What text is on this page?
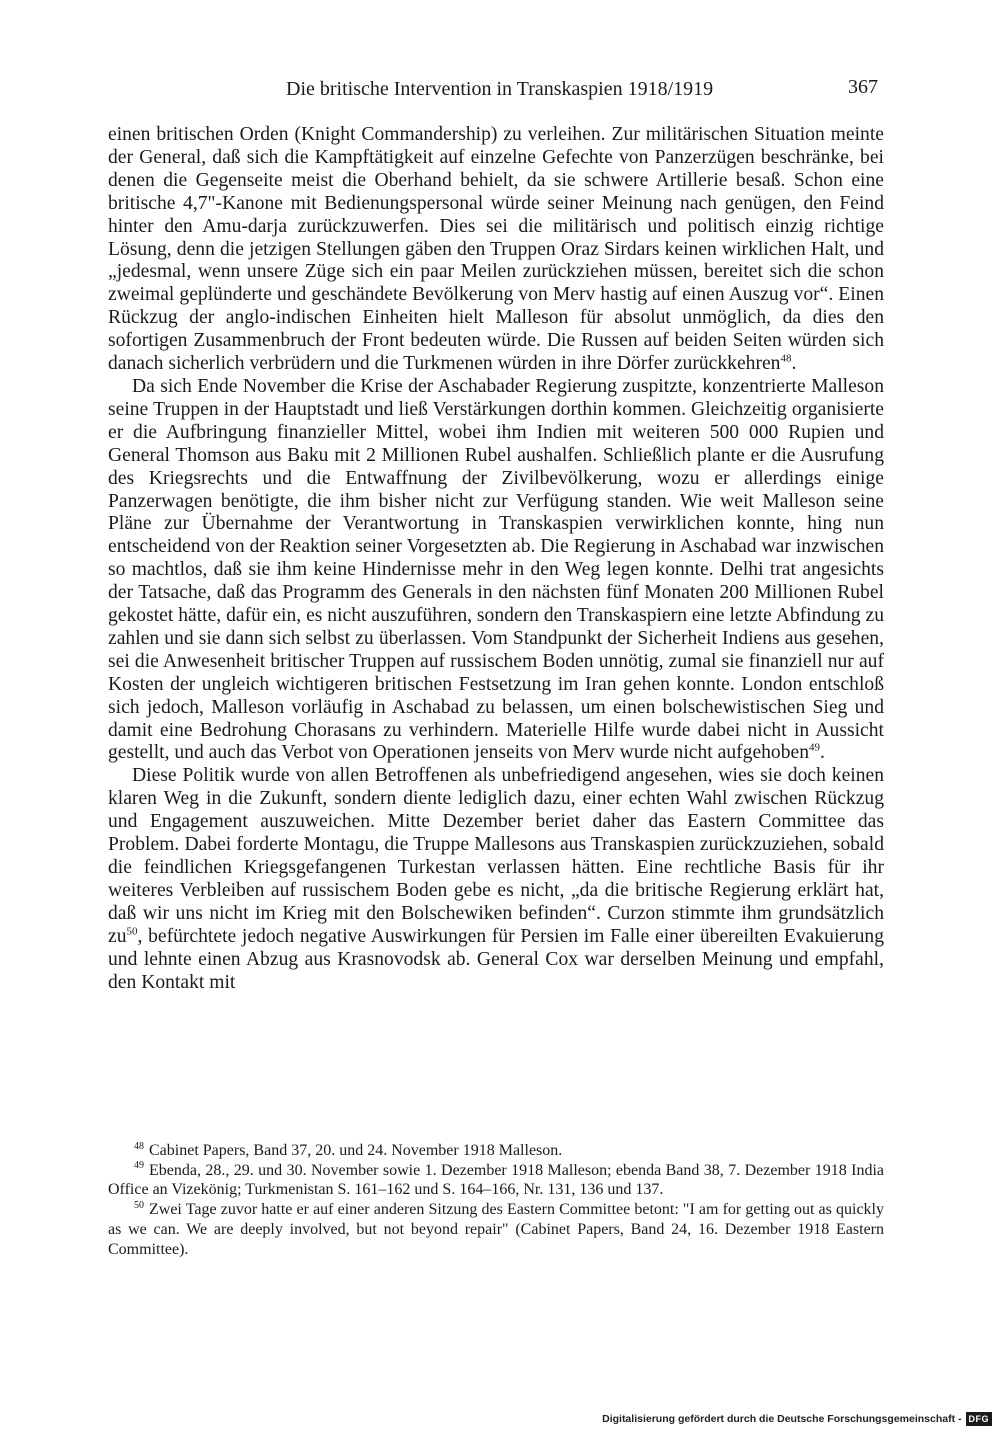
Die britische Intervention in Transkaspien 1918/1919	367

einen britischen Orden (Knight Commandership) zu verleihen. Zur militärischen Situation meinte der General, daß sich die Kampftätigkeit auf einzelne Gefechte von Panzerzügen beschränke, bei denen die Gegenseite meist die Oberhand behielt, da sie schwere Artillerie besaß. Schon eine britische 4,7"-Kanone mit Bedienungspersonal würde seiner Meinung nach genügen, den Feind hinter den Amu-darja zurückzuwerfen. Dies sei die militärisch und politisch einzig richtige Lösung, denn die jetzigen Stellungen gäben den Truppen Oraz Sirdars keinen wirklichen Halt, und „jedesmal, wenn unsere Züge sich ein paar Meilen zurückziehen müssen, bereitet sich die schon zweimal geplünderte und geschändete Bevölkerung von Merv hastig auf einen Auszug vor“. Einen Rückzug der anglo-indischen Einheiten hielt Malleson für absolut unmöglich, da dies den sofortigen Zusammenbruch der Front bedeuten würde. Die Russen auf beiden Seiten würden sich danach sicherlich verbrüdern und die Turkmenen würden in ihre Dörfer zurückkehren$^{48}$.

Da sich Ende November die Krise der Aschabader Regierung zuspitzte, konzentrierte Malleson seine Truppen in der Hauptstadt und ließ Verstärkungen dorthin kommen. Gleichzeitig organisierte er die Aufbringung finanzieller Mittel, wobei ihm Indien mit weiteren 500 000 Rupien und General Thomson aus Baku mit 2 Millionen Rubel aushalfen. Schließlich plante er die Ausrufung des Kriegsrechts und die Entwaffnung der Zivilbevölkerung, wozu er allerdings einige Panzerwagen benötigte, die ihm bisher nicht zur Verfügung standen. Wie weit Malleson seine Pläne zur Übernahme der Verantwortung in Transkaspien verwirklichen konnte, hing nun entscheidend von der Reaktion seiner Vorgesetzten ab. Die Regierung in Aschabad war inzwischen so machtlos, daß sie ihm keine Hindernisse mehr in den Weg legen konnte. Delhi trat angesichts der Tatsache, daß das Programm des Generals in den nächsten fünf Monaten 200 Millionen Rubel gekostet hätte, dafür ein, es nicht auszuführen, sondern den Transkaspiern eine letzte Abfindung zu zahlen und sie dann sich selbst zu überlassen. Vom Standpunkt der Sicherheit Indiens aus gesehen, sei die Anwesenheit britischer Truppen auf russischem Boden unnötig, zumal sie finanziell nur auf Kosten der ungleich wichtigeren britischen Festsetzung im Iran gehen konnte. London entschloß sich jedoch, Malleson vorläufig in Aschabad zu belassen, um einen bolschewistischen Sieg und damit eine Bedrohung Chorasans zu verhindern. Materielle Hilfe wurde dabei nicht in Aussicht gestellt, und auch das Verbot von Operationen jenseits von Merv wurde nicht aufgehoben$^{49}$.

Diese Politik wurde von allen Betroffenen als unbefriedigend angesehen, wies sie doch keinen klaren Weg in die Zukunft, sondern diente lediglich dazu, einer echten Wahl zwischen Rückzug und Engagement auszuweichen. Mitte Dezember beriet daher das Eastern Committee das Problem. Dabei forderte Montagu, die Truppe Mallesons aus Transkaspien zurückzuziehen, sobald die feindlichen Kriegsgefangenen Turkestan verlassen hätten. Eine rechtliche Basis für ihr weiteres Verbleiben auf russischem Boden gebe es nicht, „da die britische Regierung erklärt hat, daß wir uns nicht im Krieg mit den Bolschewiken befinden“. Curzon stimmte ihm grundsätzlich $zu^{50}$, befürchtete jedoch negative Auswirkungen für Persien im Falle einer übereilten Evakuierung und lehnte einen Abzug aus Krasnovodsk ab. General Cox war derselben Meinung und empfahl, den Kontakt mit

$^{48}$ Cabinet Papers, Band 37, 20. und 24. November 1918 Malleson.

$^{49}$ Ebenda, 28., 29. und 30. November sowie 1. Dezember 1918 Malleson; ebenda Band 38, 7. Dezember 1918 India Office an Vizekönig; Turkmenistan S. 161–162 und S. 164–166, Nr. 131, 136 und 137.

$^{50}$ Zwei Tage zuvor hatte er auf einer anderen Sitzung des Eastern Committee betont: "I am for getting out as quickly as we can. We are deeply involved, but not beyond repair" (Cabinet Papers, Band 24, 16. Dezember 1918 Eastern Committee).

Digitalisierung gefördert durch die Deutsche Forschungsgemeinschaft - DFG
